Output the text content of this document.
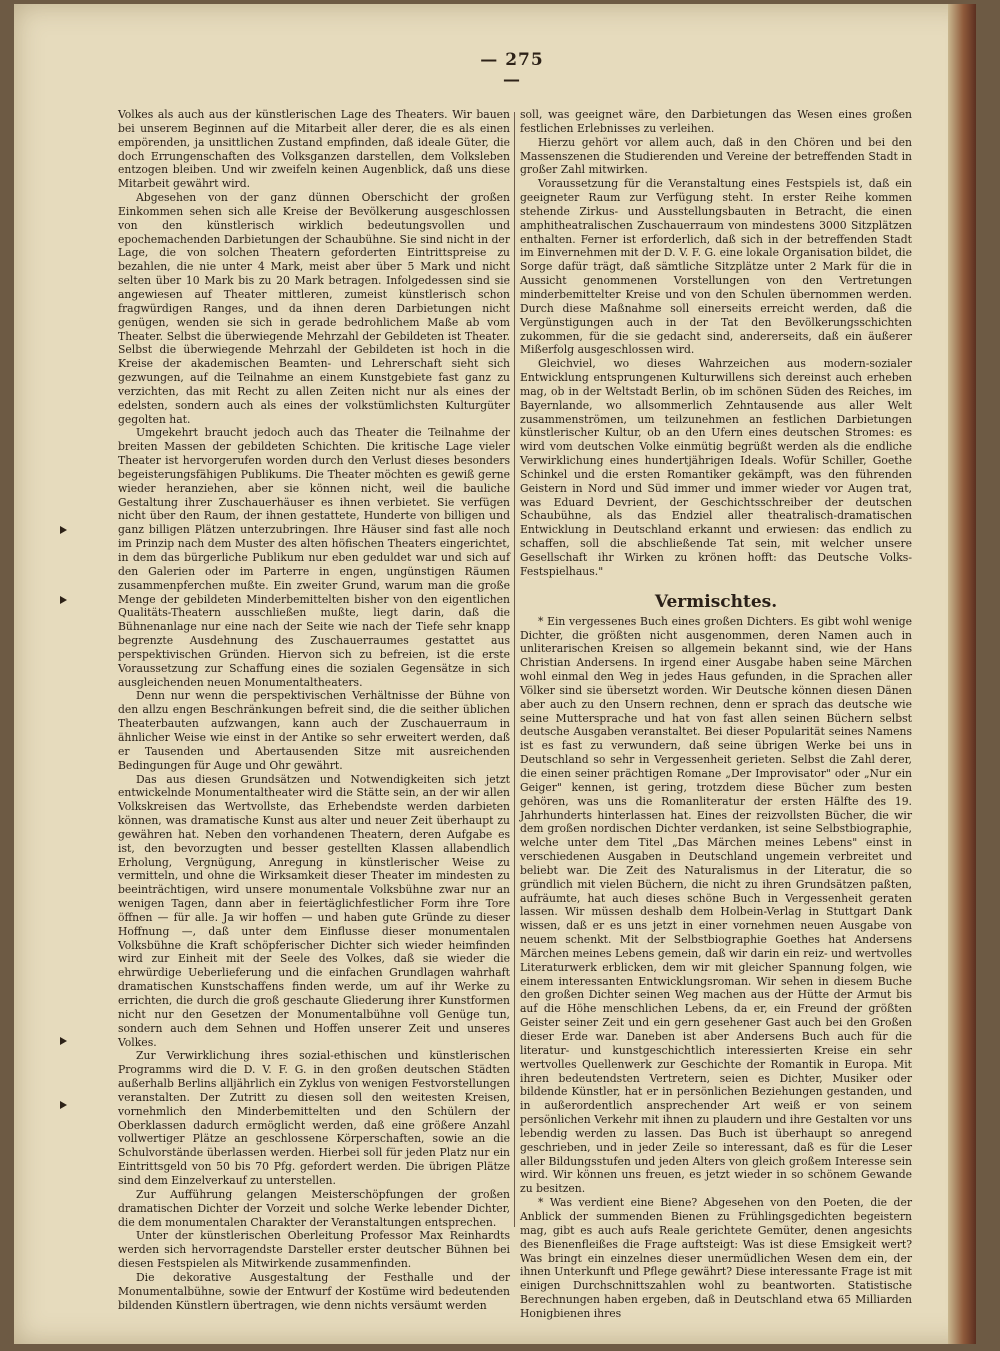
— 275 —

Volkes als auch aus der künstlerischen Lage des Theaters. Wir bauen bei unserem Beginnen auf die Mitarbeit aller derer, die es als einen empörenden, ja unsittlichen Zustand empfinden, daß ideale Güter, die doch Errungenschaften des Volksganzen darstellen, dem Volksleben entzogen bleiben. Und wir zweifeln keinen Augenblick, daß uns diese Mitarbeit gewährt wird.

Abgesehen von der ganz dünnen Oberschicht der großen Einkommen sehen sich alle Kreise der Bevölkerung ausgeschlossen von den künstlerisch wirklich bedeutungsvollen und epochemachenden Darbietungen der Schaubühne. Sie sind nicht in der Lage, die von solchen Theatern geforderten Eintrittspreise zu bezahlen, die nie unter 4 Mark, meist aber über 5 Mark und nicht selten über 10 Mark bis zu 20 Mark betragen. Infolgedessen sind sie angewiesen auf Theater mittleren, zumeist künstlerisch schon fragwürdigen Ranges, und da ihnen deren Darbietungen nicht genügen, wenden sie sich in gerade bedrohlichem Maße ab vom Theater. Selbst die überwiegende Mehrzahl der Gebildeten ist Theater. Selbst die überwiegende Mehrzahl der Gebildeten ist hoch in die Kreise der akademischen Beamten- und Lehrerschaft sieht sich gezwungen, auf die Teilnahme an einem Kunstgebiete fast ganz zu verzichten, das mit Recht zu allen Zeiten nicht nur als eines der edelsten, sondern auch als eines der volkstümlichsten Kulturgüter gegolten hat.

Umgekehrt braucht jedoch auch das Theater die Teilnahme der breiten Massen der gebildeten Schichten. Die kritische Lage vieler Theater ist hervorgerufen worden durch den Verlust dieses besonders begeisterungsfähigen Publikums. Die Theater möchten es gewiß gerne wieder heranziehen, aber sie können nicht, weil die bauliche Gestaltung ihrer Zuschauerhäuser es ihnen verbietet. Sie verfügen nicht über den Raum, der ihnen gestattete, Hunderte von billigen und ganz billigen Plätzen unterzubringen. Ihre Häuser sind fast alle noch im Prinzip nach dem Muster des alten höfischen Theaters eingerichtet, in dem das bürgerliche Publikum nur eben geduldet war und sich auf den Galerien oder im Parterre in engen, ungünstigen Räumen zusammenpferchen mußte. Ein zweiter Grund, warum man die große Menge der gebildeten Minderbemittelten bisher von den eigentlichen Qualitäts-Theatern ausschließen mußte, liegt darin, daß die Bühnenanlage nur eine nach der Seite wie nach der Tiefe sehr knapp begrenzte Ausdehnung des Zuschauerraumes gestattet aus perspektivischen Gründen. Hiervon sich zu befreien, ist die erste Voraussetzung zur Schaffung eines die sozialen Gegensätze in sich ausgleichenden neuen Monumentaltheaters.

Denn nur wenn die perspektivischen Verhältnisse der Bühne von den allzu engen Beschränkungen befreit sind, die die seither üblichen Theaterbauten aufzwangen, kann auch der Zuschauerraum in ähnlicher Weise wie einst in der Antike so sehr erweitert werden, daß er Tausenden und Abertausenden Sitze mit ausreichenden Bedingungen für Auge und Ohr gewährt.

Das aus diesen Grundsätzen und Notwendigkeiten sich jetzt entwickelnde Monumentaltheater wird die Stätte sein, an der wir allen Volkskreisen das Wertvollste, das Erhebendste werden darbieten können, was dramatische Kunst aus alter und neuer Zeit überhaupt zu gewähren hat. Neben den vorhandenen Theatern, deren Aufgabe es ist, den bevorzugten und besser gestellten Klassen allabendlich Erholung, Vergnügung, Anregung in künstlerischer Weise zu vermitteln, und ohne die Wirksamkeit dieser Theater im mindesten zu beeinträchtigen, wird unsere monumentale Volksbühne zwar nur an wenigen Tagen, dann aber in feiertäglichfestlicher Form ihre Tore öffnen — für alle. Ja wir hoffen — und haben gute Gründe zu dieser Hoffnung —, daß unter dem Einflusse dieser monumentalen Volksbühne die Kraft schöpferischer Dichter sich wieder heimfinden wird zur Einheit mit der Seele des Volkes, daß sie wieder die ehrwürdige Ueberlieferung und die einfachen Grundlagen wahrhaft dramatischen Kunstschaffens finden werde, um auf ihr Werke zu errichten, die durch die groß geschaute Gliederung ihrer Kunstformen nicht nur den Gesetzen der Monumentalbühne voll Genüge tun, sondern auch dem Sehnen und Hoffen unserer Zeit und unseres Volkes.

Zur Verwirklichung ihres sozial-ethischen und künstlerischen Programms wird die D. V. F. G. in den großen deutschen Städten außerhalb Berlins alljährlich ein Zyklus von wenigen Festvorstellungen veranstalten. Der Zutritt zu diesen soll den weitesten Kreisen, vornehmlich den Minderbemittelten und den Schülern der Oberklassen dadurch ermöglicht werden, daß eine größere Anzahl vollwertiger Plätze an geschlossene Körperschaften, sowie an die Schulvorstände überlassen werden. Hierbei soll für jeden Platz nur ein Eintrittsgeld von 50 bis 70 Pfg. gefordert werden. Die übrigen Plätze sind dem Einzelverkauf zu unterstellen.

Zur Aufführung gelangen Meisterschöpfungen der großen dramatischen Dichter der Vorzeit und solche Werke lebender Dichter, die dem monumentalen Charakter der Veranstaltungen entsprechen.

Unter der künstlerischen Oberleitung Professor Max Reinhardts werden sich hervorragendste Darsteller erster deutscher Bühnen bei diesen Festspielen als Mitwirkende zusammenfinden.

Die dekorative Ausgestaltung der Festhalle und der Monumentalbühne, sowie der Entwurf der Kostüme wird bedeutenden bildenden Künstlern übertragen, wie denn nichts versäumt werden

soll, was geeignet wäre, den Darbietungen das Wesen eines großen festlichen Erlebnisses zu verleihen.

Hierzu gehört vor allem auch, daß in den Chören und bei den Massenszenen die Studierenden und Vereine der betreffenden Stadt in großer Zahl mitwirken.

Voraussetzung für die Veranstaltung eines Festspiels ist, daß ein geeigneter Raum zur Verfügung steht. In erster Reihe kommen stehende Zirkus- und Ausstellungsbauten in Betracht, die einen amphitheatralischen Zuschauerraum von mindestens 3000 Sitzplätzen enthalten. Ferner ist erforderlich, daß sich in der betreffenden Stadt im Einvernehmen mit der D. V. F. G. eine lokale Organisation bildet, die Sorge dafür trägt, daß sämtliche Sitzplätze unter 2 Mark für die in Aussicht genommenen Vorstellungen von den Vertretungen minderbemittelter Kreise und von den Schulen übernommen werden. Durch diese Maßnahme soll einerseits erreicht werden, daß die Vergünstigungen auch in der Tat den Bevölkerungsschichten zukommen, für die sie gedacht sind, andererseits, daß ein äußerer Mißerfolg ausgeschlossen wird.

Gleichviel, wo dieses Wahrzeichen aus modern-sozialer Entwicklung entsprungenen Kulturwillens sich dereinst auch erheben mag, ob in der Weltstadt Berlin, ob im schönen Süden des Reiches, im Bayernlande, wo allsommerlich Zehntausende aus aller Welt zusammenströmen, um teilzunehmen an festlichen Darbietungen künstlerischer Kultur, ob an den Ufern eines deutschen Stromes: es wird vom deutschen Volke einmütig begrüßt werden als die endliche Verwirklichung eines hundertjährigen Ideals. Wofür Schiller, Goethe Schinkel und die ersten Romantiker gekämpft, was den führenden Geistern in Nord und Süd immer und immer wieder vor Augen trat, was Eduard Devrient, der Geschichtsschreiber der deutschen Schaubühne, als das Endziel aller theatralisch-dramatischen Entwicklung in Deutschland erkannt und erwiesen: das endlich zu schaffen, soll die abschließende Tat sein, mit welcher unsere Gesellschaft ihr Wirken zu krönen hofft: das Deutsche Volks-Festspielhaus."

Vermischtes.

* Ein vergessenes Buch eines großen Dichters. Es gibt wohl wenige Dichter, die größten nicht ausgenommen, deren Namen auch in unliterarischen Kreisen so allgemein bekannt sind, wie der Hans Christian Andersens. In irgend einer Ausgabe haben seine Märchen wohl einmal den Weg in jedes Haus gefunden, in die Sprachen aller Völker sind sie übersetzt worden. Wir Deutsche können diesen Dänen aber auch zu den Unsern rechnen, denn er sprach das deutsche wie seine Muttersprache und hat von fast allen seinen Büchern selbst deutsche Ausgaben veranstaltet. Bei dieser Popularität seines Namens ist es fast zu verwundern, daß seine übrigen Werke bei uns in Deutschland so sehr in Vergessenheit gerieten. Selbst die Zahl derer, die einen seiner prächtigen Romane „Der Improvisator" oder „Nur ein Geiger" kennen, ist gering, trotzdem diese Bücher zum besten gehören, was uns die Romanliteratur der ersten Hälfte des 19. Jahrhunderts hinterlassen hat. Eines der reizvollsten Bücher, die wir dem großen nordischen Dichter verdanken, ist seine Selbstbiographie, welche unter dem Titel „Das Märchen meines Lebens" einst in verschiedenen Ausgaben in Deutschland ungemein verbreitet und beliebt war. Die Zeit des Naturalismus in der Literatur, die so gründlich mit vielen Büchern, die nicht zu ihren Grundsätzen paßten, aufräumte, hat auch dieses schöne Buch in Vergessenheit geraten lassen. Wir müssen deshalb dem Holbein-Verlag in Stuttgart Dank wissen, daß er es uns jetzt in einer vornehmen neuen Ausgabe von neuem schenkt. Mit der Selbstbiographie Goethes hat Andersens Märchen meines Lebens gemein, daß wir darin ein reiz- und wertvolles Literaturwerk erblicken, dem wir mit gleicher Spannung folgen, wie einem interessanten Entwicklungsroman. Wir sehen in diesem Buche den großen Dichter seinen Weg machen aus der Hütte der Armut bis auf die Höhe menschlichen Lebens, da er, ein Freund der größten Geister seiner Zeit und ein gern gesehener Gast auch bei den Großen dieser Erde war. Daneben ist aber Andersens Buch auch für die literatur- und kunstgeschichtlich interessierten Kreise ein sehr wertvolles Quellenwerk zur Geschichte der Romantik in Europa. Mit ihren bedeutendsten Vertretern, seien es Dichter, Musiker oder bildende Künstler, hat er in persönlichen Beziehungen gestanden, und in außerordentlich ansprechender Art weiß er von seinem persönlichen Verkehr mit ihnen zu plaudern und ihre Gestalten vor uns lebendig werden zu lassen. Das Buch ist überhaupt so anregend geschrieben, und in jeder Zeile so interessant, daß es für die Leser aller Bildungsstufen und jeden Alters von gleich großem Interesse sein wird. Wir können uns freuen, es jetzt wieder in so schönem Gewande zu besitzen.

* Was verdient eine Biene? Abgesehen von den Poeten, die der Anblick der summenden Bienen zu Frühlingsgedichten begeistern mag, gibt es auch aufs Reale gerichtete Gemüter, denen angesichts des Bienenfleißes die Frage auftsteigt: Was ist diese Emsigkeit wert? Was bringt ein einzelnes dieser unermüdlichen Wesen dem ein, der ihnen Unterkunft und Pflege gewährt? Diese interessante Frage ist mit einigen Durchschnittszahlen wohl zu beantworten. Statistische Berechnungen haben ergeben, daß in Deutschland etwa 65 Milliarden Honigbienen ihres
